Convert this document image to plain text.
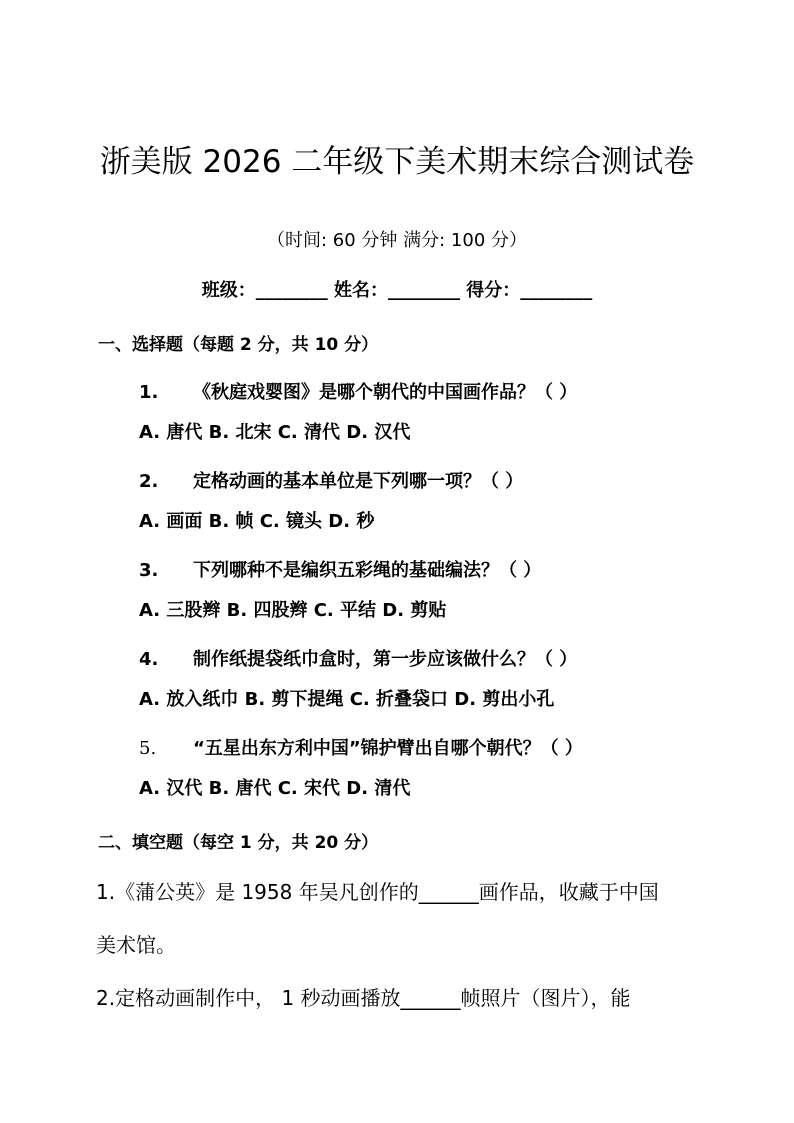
浙美版 2026 二年级下美术期末综合测试卷
（时间: 60 分钟 满分: 100 分）
班级：________ 姓名：________ 得分：________
一、选择题（每题 2 分，共 10 分）
1. 《秋庭戏婴图》是哪个朝代的中国画作品？（ ）
A. 唐代 B. 北宋 C. 清代 D. 汉代
2. 定格动画的基本单位是下列哪一项？（ ）
A. 画面 B. 帧 C. 镜头 D. 秒
3. 下列哪种不是编织五彩绳的基础编法？（ ）
A. 三股辫 B. 四股辫 C. 平结 D. 剪贴
4. 制作纸提袋纸巾盒时，第一步应该做什么？（ ）
A. 放入纸巾 B. 剪下提绳 C. 折叠袋口 D. 剪出小孔
5. “五星出东方利中国”锦护臂出自哪个朝代？（ ）
A. 汉代 B. 唐代 C. 宋代 D. 清代
二、填空题（每空 1 分，共 20 分）
1.《蒲公英》是 1958 年吴凡创作的______画作品，收藏于中国
美术馆。
2.定格动画制作中， 1 秒动画播放______帧照片（图片），能
